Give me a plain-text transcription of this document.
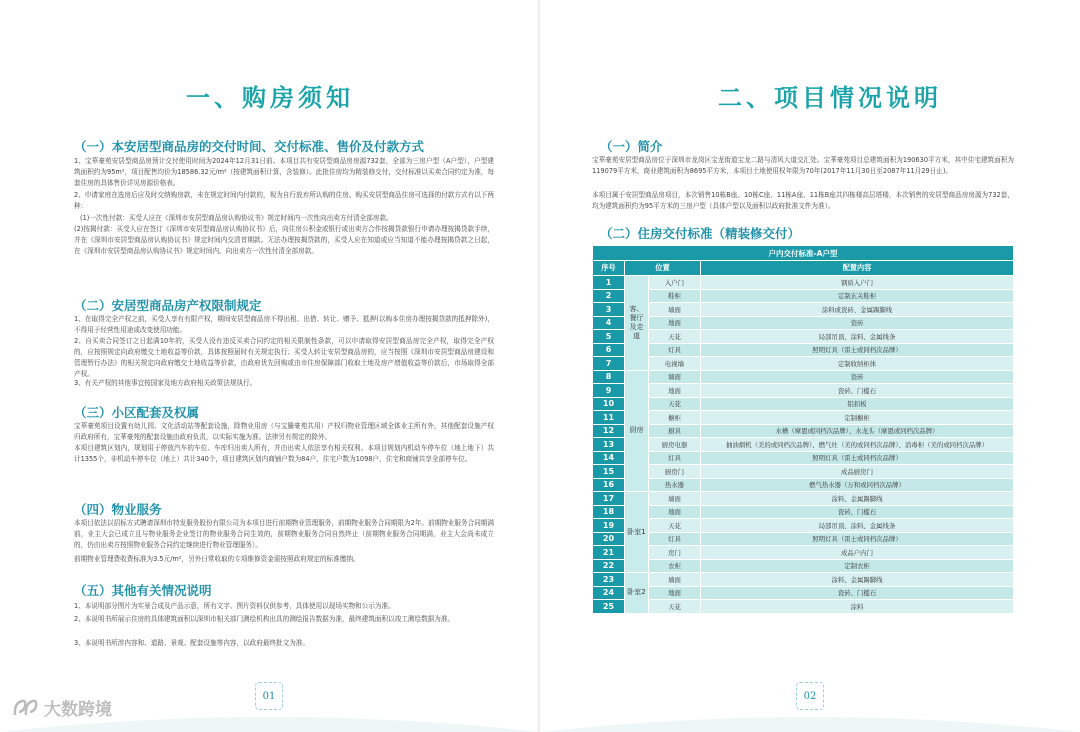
一、购房须知
（一）本安居型商品房的交付时间、交付标准、售价及付款方式
1、宝華豪苑安居型商品房预计交付使用时间为2024年12月31日前。本项目共有安居型商品房房源732套，全部为三房户型（A户型），户型建筑面积约为95m²，项目配售均价为18586.32元/m²（按建筑面积计算，含装修）。此批住房均为精装修交付，交付标准以买卖合同约定为准，每套住房的具体售价详见房源价格表。
2、申请家庭在选房后应及时交纳购房款，未在规定时间内付款的，视为自行放弃所认购的住房。购买安居型商品住房可选择的付款方式有以下两种：
(1)一次性付款：买受人应在《深圳市安居型商品房认购协议书》规定时间内一次性向出卖方付清全部房款。
(2)按揭付款：买受人应在签订《深圳市安居型商品房认购协议书》后，向住房公积金或银行或出卖方合作按揭贷款银行申请办理按揭贷款手续，并在《深圳市安居型商品房认购协议书》规定时间内交清首期款。无法办理按揭贷款的，买受人应在知道或应当知道不能办理按揭贷款之日起，在《深圳市安居型商品房认购协议书》规定时间内，向出卖方一次性付清全部房款。
（二）安居型商品房产权限制规定
1、在取得完全产权之前，买受人享有有限产权，期间安居型商品房不得出租、出借、转让、赠予、抵押(以购本住房办理按揭贷款的抵押除外)，不得用于经营性用途或改变使用功能。
2、自买卖合同签订之日起满10年的，买受人没有违反买卖合同约定的相关限制性条款，可以申请取得安居型商品房完全产权，取得完全产权的，应按照规定向政府缴交土地收益等价款，具体按照届时有关规定执行；买受人转让安居型商品房的，应当按照《深圳市安居型商品房建设和管理暂行办法》的相关规定向政府缴交土地收益等价款，由政府优先回购或由市住房保障部门收取土地及房产增值收益等价款后，市场取得全部产权。
3、有关产权的其他事宜按国家及地方政府相关政策法规执行。
（三）小区配套及权属
宝華豪苑项目设置有幼儿园、文化活动站等配套设施，除物业用房（与宝騰豪苑共用）产权归物业管理区域全体业主所有外，其他配套设施产权归政府所有，宝華豪苑的配套设施由政府负责，以实际实施为准。法律另有规定的除外。
本项目建筑区划内，规划用于停放汽车的车位、车库归出卖人所有，并由出卖人依法享有相关权利。本项目规划内机动车停车位（地上地下）共计1355个，非机动车停车位（地上）共计340个，项目建筑区划内商铺户数为84户，住宅户数为1098户，住宅和商铺共享全部停车位。
（四）物业服务
本项目依法以招标方式聘请深圳市特发服务股份有限公司为本项目进行前期物业管理服务，前期物业服务合同期限为2年。前期物业服务合同期满前，业主大会已成立且与物业服务企业签订的物业服务合同生效的，前期物业服务合同自然终止（前期物业服务合同期满，业主大会尚未成立的，仍由出卖方按照物业服务合同约定继续进行物业管理服务）。
前期物业管理费收费标准为3.5元/m²，另外日常收取的专项维修资金需按照政府规定的标准缴纳。
（五）其他有关情况说明
1、本说明部分图片为实景合成及产品示意，所有文字、图片资料仅供参考，具体使用以现场实物和公示为准。
2、本说明书所展示住房的具体建筑面积以深圳市相关部门测绘机构出具的测绘报告数据为准，最终建筑面积以竣工测绘数据为准。
3、本说明书所涉内容和、道路、景观、配套设施等内容，以政府最终批文为准。
01
二、项目情况说明
（一）简介
宝華豪苑安居型商品房位于深圳市龙岗区宝龙街道宝龙二路与清风大道交汇处。宝華豪苑项目总建筑面积为190630平方米，其中住宅建筑面积为119079平方米，商业建筑面积为8695平方米，本项目土地使用权年限为70年(2017年11月30日至2087年11月29日止)。
本项目属于安居型商品房项目，本次销售10栋B座、10栋C座、11栋A座、11栋B座共四栋楼高层塔楼，本次销售的安居型商品房房源为732套，均为建筑面积约为95平方米的三房户型（具体户型以及面积以政府批准文件为准）。
（二）住房交付标准（精装修交付）
户内交付标准-A户型			
序号	位置		配置内容
1	客、餐厅及走道	入户门	钢质入户门
2		鞋柜	定制玄关鞋柜
3		墙面	涂料或瓷砖、金属踢脚线
4		地面	瓷砖
5		天花	局部吊顶、涂料、金属线条
6		灯具	照明灯具（雷士或同档次品牌）
7		电视墙	定制收纳柜体
8	厨房	墙面	瓷砖
9		地面	瓷砖、门槛石
10		天花	铝扣板
11		橱柜	定制橱柜
12		厨具	水槽（摩恩或同档次品牌）、水龙头（摩恩或同档次品牌）
13		厨房电器	抽油烟机（美的或同档次品牌）、燃气灶（美的或同档次品牌）、消毒柜（美的或同档次品牌）
14		灯具	照明灯具（雷士或同档次品牌）
15		厨房门	成品厨房门
16		热水器	燃气热水器（万和或同档次品牌）
17	卧室1	墙面	涂料、金属踢脚线
18		地面	瓷砖、门槛石
19		天花	局部吊顶、涂料、金属线条
20		灯具	照明灯具（雷士或同档次品牌）
21		房门	成品户内门
22		衣柜	定制衣柜
23	卧室2	墙面	涂料、金属踢脚线
24		地面	瓷砖、门槛石
25		天花	涂料
02
大数跨境
